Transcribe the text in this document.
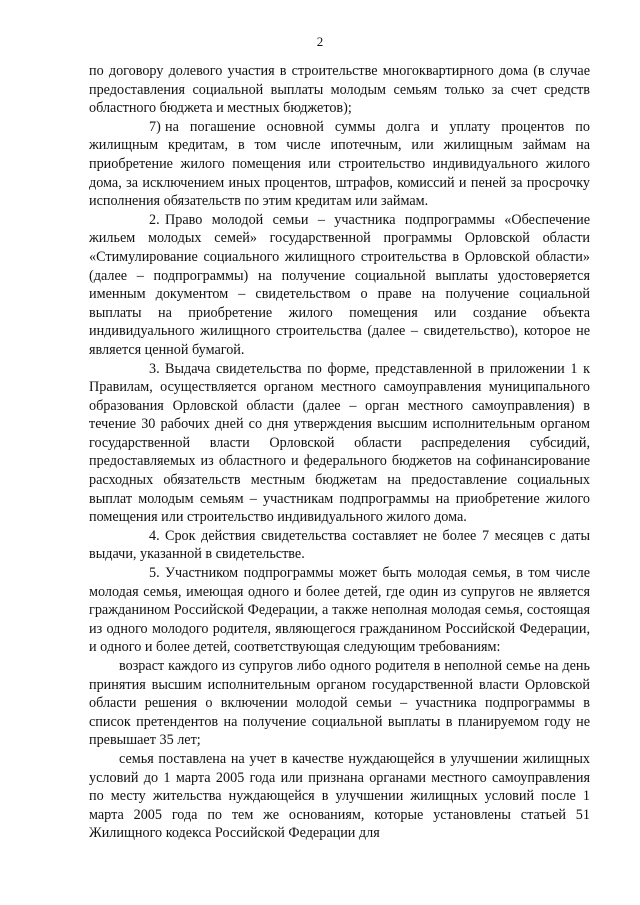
2

по договору долевого участия в строительстве многоквартирного дома (в случае предоставления социальной выплаты молодым семьям только за счет средств областного бюджета и местных бюджетов);

7) на погашение основной суммы долга и уплату процентов по жилищным кредитам, в том числе ипотечным, или жилищным займам на приобретение жилого помещения или строительство индивидуального жилого дома, за исключением иных процентов, штрафов, комиссий и пеней за просрочку исполнения обязательств по этим кредитам или займам.

2. Право молодой семьи – участника подпрограммы «Обеспечение жильем молодых семей» государственной программы Орловской области «Стимулирование социального жилищного строительства в Орловской области» (далее – подпрограммы) на получение социальной выплаты удостоверяется именным документом – свидетельством о праве на получение социальной выплаты на приобретение жилого помещения или создание объекта индивидуального жилищного строительства (далее – свидетельство), которое не является ценной бумагой.

3. Выдача свидетельства по форме, представленной в приложении 1 к Правилам, осуществляется органом местного самоуправления муниципального образования Орловской области (далее – орган местного самоуправления) в течение 30 рабочих дней со дня утверждения высшим исполнительным органом государственной власти Орловской области распределения субсидий, предоставляемых из областного и федерального бюджетов на софинансирование расходных обязательств местным бюджетам на предоставление социальных выплат молодым семьям – участникам подпрограммы на приобретение жилого помещения или строительство индивидуального жилого дома.

4. Срок действия свидетельства составляет не более 7 месяцев с даты выдачи, указанной в свидетельстве.

5. Участником подпрограммы может быть молодая семья, в том числе молодая семья, имеющая одного и более детей, где один из супругов не является гражданином Российской Федерации, а также неполная молодая семья, состоящая из одного молодого родителя, являющегося гражданином Российской Федерации, и одного и более детей, соответствующая следующим требованиям:

возраст каждого из супругов либо одного родителя в неполной семье на день принятия высшим исполнительным органом государственной власти Орловской области решения о включении молодой семьи – участника подпрограммы в список претендентов на получение социальной выплаты в планируемом году не превышает 35 лет;

семья поставлена на учет в качестве нуждающейся в улучшении жилищных условий до 1 марта 2005 года или признана органами местного самоуправления по месту жительства нуждающейся в улучшении жилищных условий после 1 марта 2005 года по тем же основаниям, которые установлены статьей 51 Жилищного кодекса Российской Федерации для
